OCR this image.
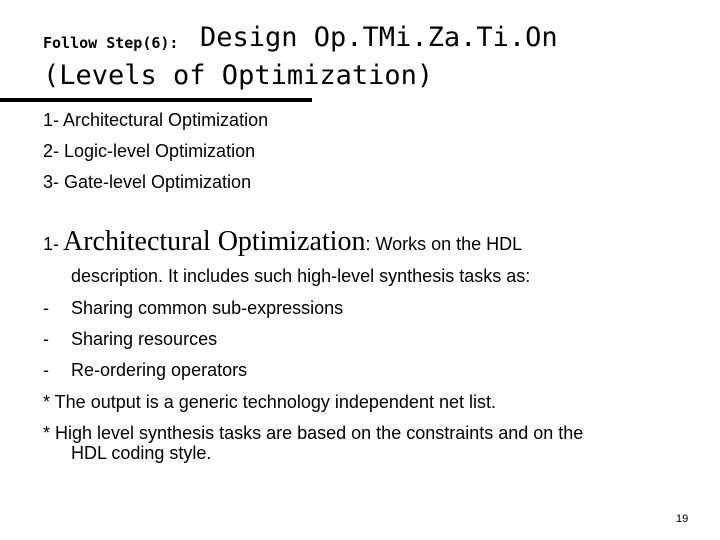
Follow Step(6): Design Op.TMi.Za.Ti.On
(Levels of Optimization)
1- Architectural Optimization
2- Logic-level Optimization
3- Gate-level Optimization
1- Architectural Optimization: Works on the HDL
description. It includes such high-level synthesis tasks as:
- Sharing common sub-expressions
- Sharing resources
- Re-ordering operators
* The output is a generic technology independent net list.
* High level synthesis tasks are based on the constraints and on the
HDL coding style.
19
